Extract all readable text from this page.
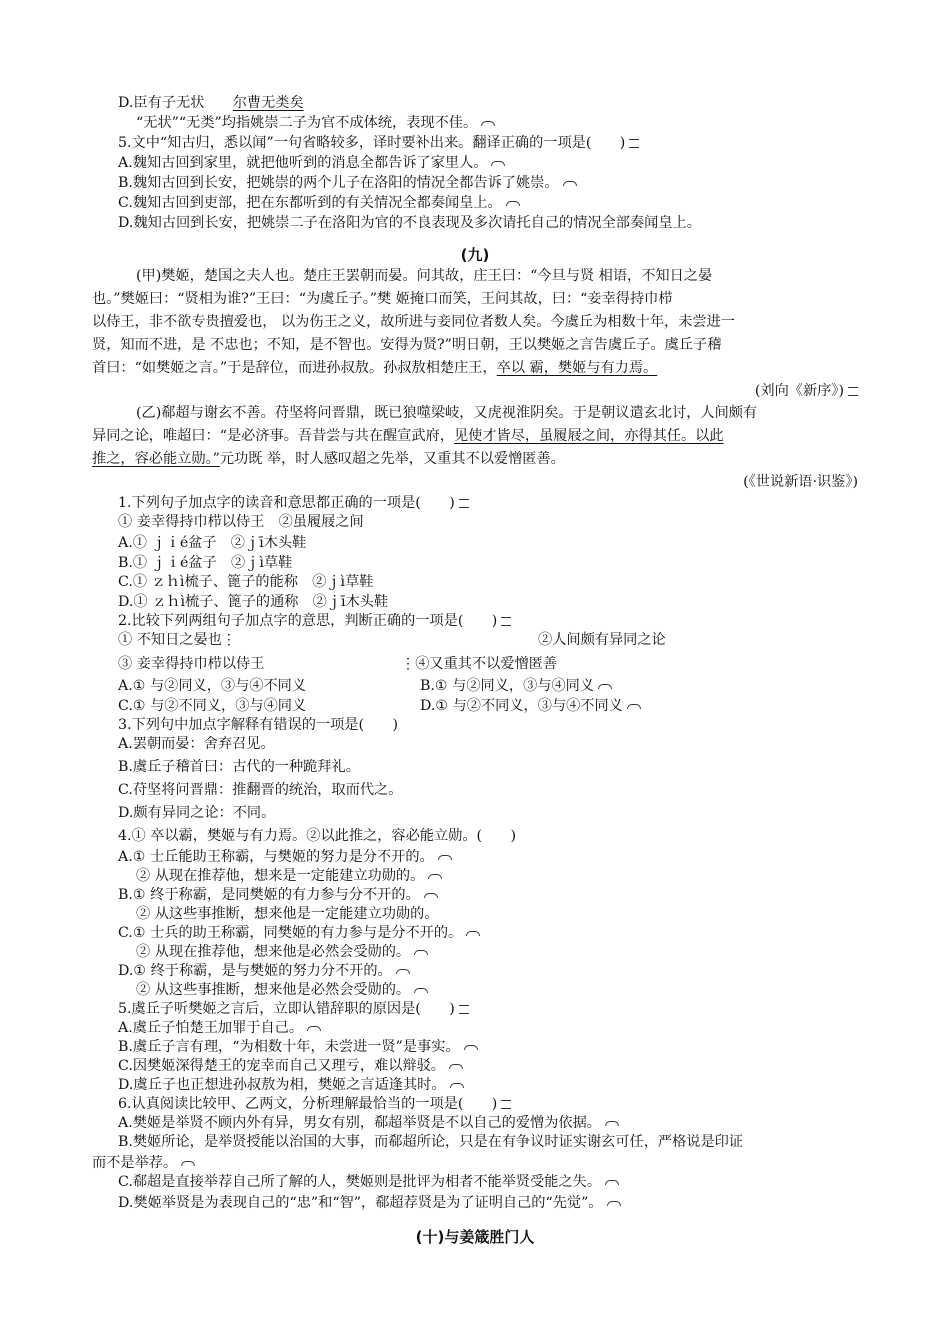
D.臣有子无状　　 尔曹无类矣
“无状”“无类”均指姚崇二子为官不成体统，表现不佳。
5.文中“知古归，悉以闻”一句省略较多，译时要补出来。翻译正确的一项是(　　)
A.魏知古回到家里，就把他听到的消息全都告诉了家里人。
B.魏知古回到长安，把姚崇的两个儿子在洛阳的情况全都告诉了姚崇。
C.魏知古回到吏部，把在东都听到的有关情况全都奏闻皇上。
D.魏知古回到长安，把姚崇二子在洛阳为官的不良表现及多次请托自己的情况全部奏闻皇上。
(九)
(甲)樊姬，楚国之夫人也。楚庄王罢朝而晏。问其故，庄王曰：“今旦与贤 相语，不知日之晏
也。”樊姬曰：“贤相为谁?”王曰：“为虞丘子。”樊 姬掩口而笑，王问其故，曰：“妾幸得持巾栉
以侍王，非不欲专贵擅爱也， 以为伤王之义，故所进与妾同位者数人矣。今虞丘为相数十年，未尝进一
贤，知而不进，是 不忠也；不知，是不智也。安得为贤?”明日朝，王以樊姬之言告虞丘子。虞丘子稽
首曰：“如樊姬之言。”于是辞位，而进孙叔敖。孙叔敖相楚庄王，卒以 霸，樊姬与有力焉。
(刘向《新序》)
(乙)郗超与谢玄不善。苻坚将问晋鼎，既已狼噬梁岐，又虎视淮阴矣。于是朝议遣玄北讨，人间颇有
异同之论，唯超曰：“是必济事。吾昔尝与共在醒宣武府，见使才皆尽，虽履屐之间，亦得其任。以此
推之，容必能立勋。”元功既 举，时人感叹超之先举，又重其不以爱憎匿善。
(《世说新语·识鉴》)
1.下列句子加点字的读音和意思都正确的一项是(　　)
① 妾幸得持巾栉以侍王　②虽履屐之间
A.① ｊｉé盆子　②ｊī木头鞋
B.① ｊｉé盆子　②ｊì草鞋
C.① ｚｈì梳子、篦子的能称　②ｊì草鞋
D.① ｚｈì梳子、篦子的通称　②ｊī木头鞋
2.比较下列两组句子加点字的意思，判断正确的一项是(　　)
① 不知日之晏也⋮	②人间颇有异同之论
③ 妾幸得持巾栉以侍王	⋮④又重其不以爱憎匿善
A.① 与②同义，③与④不同义	B.① 与②同义，③与④同义
C.① 与②不同义，③与④同义	D.① 与②不同义，③与④不同义
3.下列句中加点字解释有错误的一项是(　　)
A.罢朝而晏：舍弃召见。
B.虞丘子稽首曰：古代的一种跪拜礼。
C.苻坚将问晋鼎：推翻晋的统治，取而代之。
D.颇有异同之论：不同。
4.① 卒以霸，樊姬与有力焉。②以此推之，容必能立勋。(　　)
A.① 士丘能助王称霸，与樊姬的努力是分不开的。
② 从现在推荐他，想来是一定能建立功勋的。
B.① 终于称霸，是同樊姬的有力参与分不开的。
② 从这些事推断，想来他是一定能建立功勋的。
C.① 士兵的助王称霸，同樊姬的有力参与是分不开的。
② 从现在推荐他，想来他是必然会受勋的。
D.① 终于称霸，是与樊姬的努力分不开的。
② 从这些事推断，想来他是必然会受勋的。
5.虞丘子听樊姬之言后，立即认错辞职的原因是(　　)
A.虞丘子怕楚王加罪于自己。
B.虞丘子言有理，“为相数十年，未尝进一贤”是事实。
C.因樊姬深得楚王的宠幸而自己又理亏，难以辩驳。
D.虞丘子也正想进孙叔敖为相，樊姬之言适逢其时。
6.认真阅读比较甲、乙两文，分析理解最恰当的一项是(　　)
A.樊姬是举贤不顾内外有异，男女有别，郗超举贤是不以自己的爱憎为依据。
B.樊姬所论，是举贤授能以治国的大事，而郗超所论，只是在有争议时证实谢玄可任，严格说是印证
而不是举荐。
C.郗超是直接举荐自己所了解的人，樊姬则是批评为相者不能举贤受能之失。
D.樊姬举贤是为表现自己的“忠”和“智”，郗超荐贤是为了证明自己的“先觉”。
(十)与姜箴胜门人
